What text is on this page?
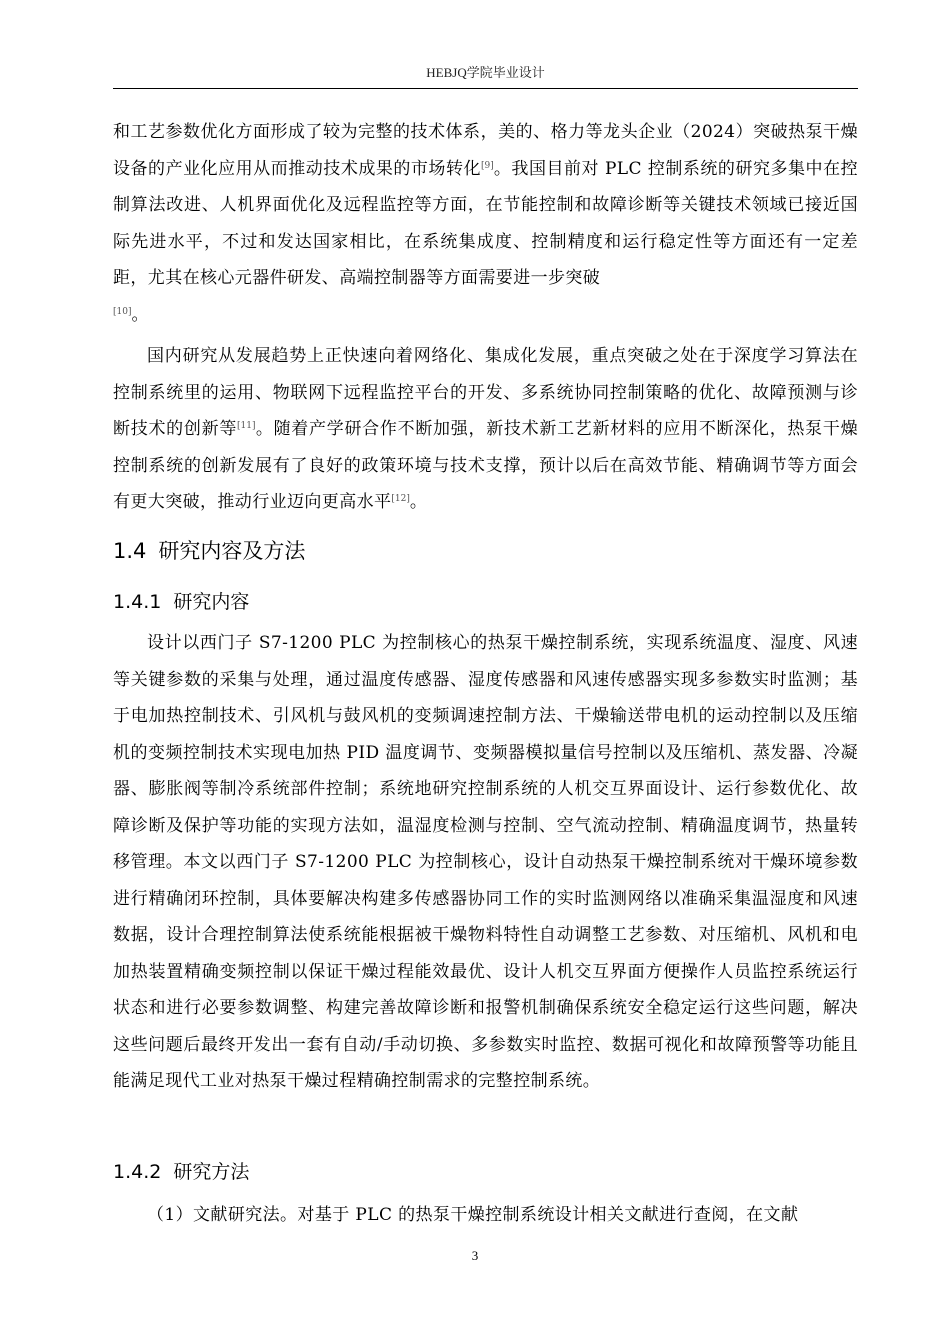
HEBJQ学院毕业设计

和工艺参数优化方面形成了较为完整的技术体系，美的、格力等龙头企业（2024）突破热泵干燥设备的产业化应用从而推动技术成果的市场转化[9]。我国目前对 PLC 控制系统的研究多集中在控制算法改进、人机界面优化及远程监控等方面，在节能控制和故障诊断等关键技术领域已接近国际先进水平，不过和发达国家相比，在系统集成度、控制精度和运行稳定性等方面还有一定差距，尤其在核心元器件研发、高端控制器等方面需要进一步突破
[10]。

国内研究从发展趋势上正快速向着网络化、集成化发展，重点突破之处在于深度学习算法在控制系统里的运用、物联网下远程监控平台的开发、多系统协同控制策略的优化、故障预测与诊断技术的创新等[11]。随着产学研合作不断加强，新技术新工艺新材料的应用不断深化，热泵干燥控制系统的创新发展有了良好的政策环境与技术支撑，预计以后在高效节能、精确调节等方面会有更大突破，推动行业迈向更高水平[12]。

1.4 研究内容及方法
1.4.1 研究内容

设计以西门子 S7-1200 PLC 为控制核心的热泵干燥控制系统，实现系统温度、湿度、风速等关键参数的采集与处理，通过温度传感器、湿度传感器和风速传感器实现多参数实时监测；基于电加热控制技术、引风机与鼓风机的变频调速控制方法、干燥输送带电机的运动控制以及压缩机的变频控制技术实现电加热 PID 温度调节、变频器模拟量信号控制以及压缩机、蒸发器、冷凝器、膨胀阀等制冷系统部件控制；系统地研究控制系统的人机交互界面设计、运行参数优化、故障诊断及保护等功能的实现方法如，温湿度检测与控制、空气流动控制、精确温度调节，热量转移管理。本文以西门子 S7-1200 PLC 为控制核心，设计自动热泵干燥控制系统对干燥环境参数进行精确闭环控制，具体要解决构建多传感器协同工作的实时监测网络以准确采集温湿度和风速数据，设计合理控制算法使系统能根据被干燥物料特性自动调整工艺参数、对压缩机、风机和电加热装置精确变频控制以保证干燥过程能效最优、设计人机交互界面方便操作人员监控系统运行状态和进行必要参数调整、构建完善故障诊断和报警机制确保系统安全稳定运行这些问题，解决这些问题后最终开发出一套有自动/手动切换、多参数实时监控、数据可视化和故障预警等功能且能满足现代工业对热泵干燥过程精确控制需求的完整控制系统。

1.4.2 研究方法

（1）文献研究法。对基于 PLC 的热泵干燥控制系统设计相关文献进行查阅，在文献

3
